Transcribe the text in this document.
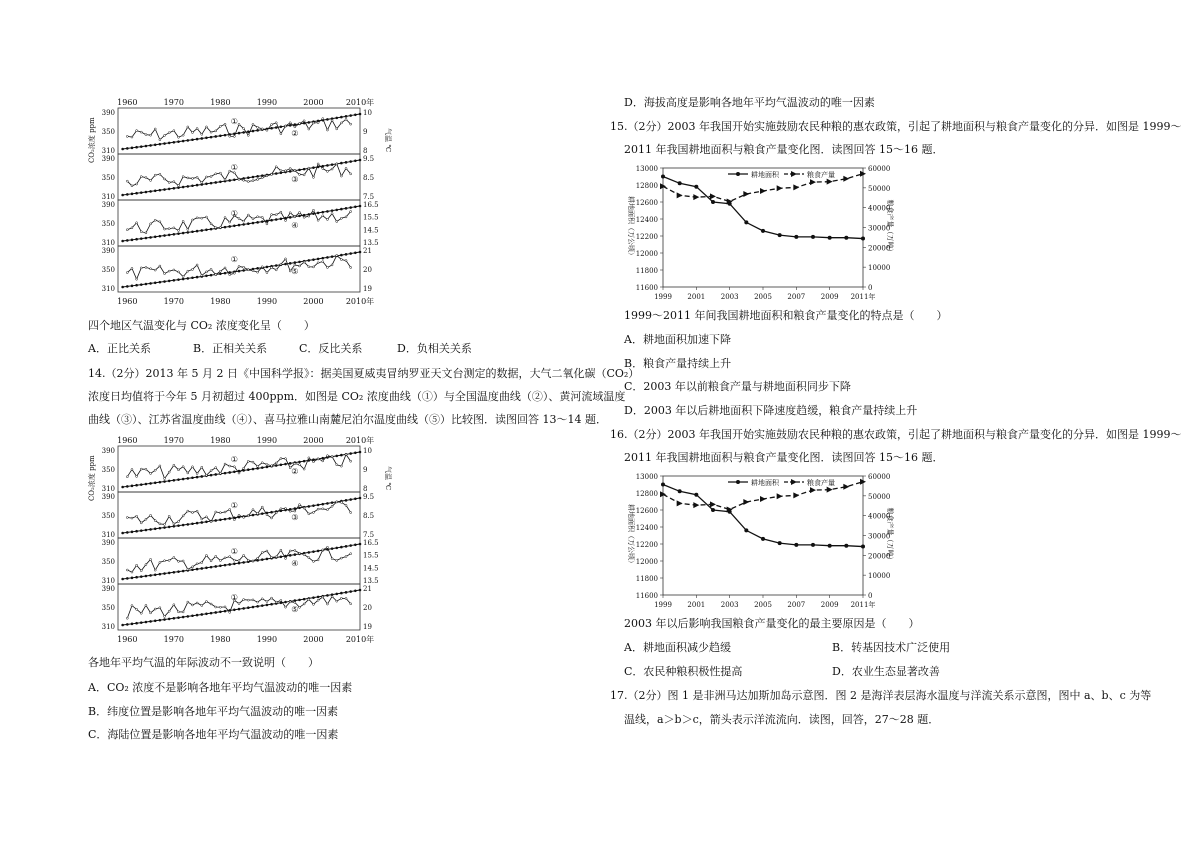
1960
1960
1970
1970
1980
1980
1990
1990
2000
2000
2010年
2010年
CO₂浓度 ppm	气温 ℃
390
350
310
10
9
8
①
②
390
350
310
9.5
8.5
7.5
①
③
390
350
310
16.5
15.5
14.5
13.5
①
④
390
350
310
21
20
19
①
⑤
四个地区气温变化与 CO₂ 浓度变化呈（　　）
A．正比关系	B．正相关关系	C．反比关系	D．负相关关系
14.（2分）2013 年 5 月 2 日《中国科学报》：据美国夏威夷冒纳罗亚天文台测定的数据，大气二氧化碳（CO₂）
浓度日均值将于今年 5 月初超过 400ppm．如图是 CO₂ 浓度曲线（①）与全国温度曲线（②）、黄河流域温度
曲线（③）、江苏省温度曲线（④）、喜马拉雅山南麓尼泊尔温度曲线（⑤）比较图．读图回答 13～14 题．
1960
1960
1970
1970
1980
1980
1990
1990
2000
2000
2010年
2010年
CO₂浓度 ppm	气温 ℃
390
350
310
10
9
8
①
②
390
350
310
9.5
8.5
7.5
①
③
390
350
310
16.5
15.5
14.5
13.5
①
④
390
350
310
21
20
19
①
⑤
各地年平均气温的年际波动不一致说明（　　）
A．CO₂ 浓度不是影响各地年平均气温波动的唯一因素
B．纬度位置是影响各地年平均气温波动的唯一因素
C．海陆位置是影响各地年平均气温波动的唯一因素
D．海拔高度是影响各地年平均气温波动的唯一因素
15.（2分）2003 年我国开始实施鼓励农民种粮的惠农政策，引起了耕地面积与粮食产量变化的分异．如图是 1999～
2011 年我国耕地面积与粮食产量变化图．读图回答 15～16 题．
13000
12800
12600
12400
12200
12000
11800
11600
60000
50000
40000
30000
20000
10000
0
1999 2001 2003 2005 2007 2009 2011年
耕地面积（万公顷）	粮食产量（万吨）
耕地面积	粮食产量
1999～2011 年间我国耕地面积和粮食产量变化的特点是（　　）
A．耕地面积加速下降
B．粮食产量持续上升
C．2003 年以前粮食产量与耕地面积同步下降
D．2003 年以后耕地面积下降速度趋缓，粮食产量持续上升
16.（2分）2003 年我国开始实施鼓励农民种粮的惠农政策，引起了耕地面积与粮食产量变化的分异．如图是 1999～
2011 年我国耕地面积与粮食产量变化图．读图回答 15～16 题．
13000
12800
12600
12400
12200
12000
11800
11600
60000
50000
40000
30000
20000
10000
0
1999 2001 2003 2005 2007 2009 2011年
耕地面积（万公顷）	粮食产量（万吨）
耕地面积	粮食产量
2003 年以后影响我国粮食产量变化的最主要原因是（　　）
A．耕地面积减少趋缓	B．转基因技术广泛使用
C．农民种粮积极性提高	D．农业生态显著改善
17.（2分）图 1 是非洲马达加斯加岛示意图．图 2 是海洋表层海水温度与洋流关系示意图，图中 a、b、c 为等
温线，a＞b＞c，箭头表示洋流流向．读图，回答，27～28 题．
